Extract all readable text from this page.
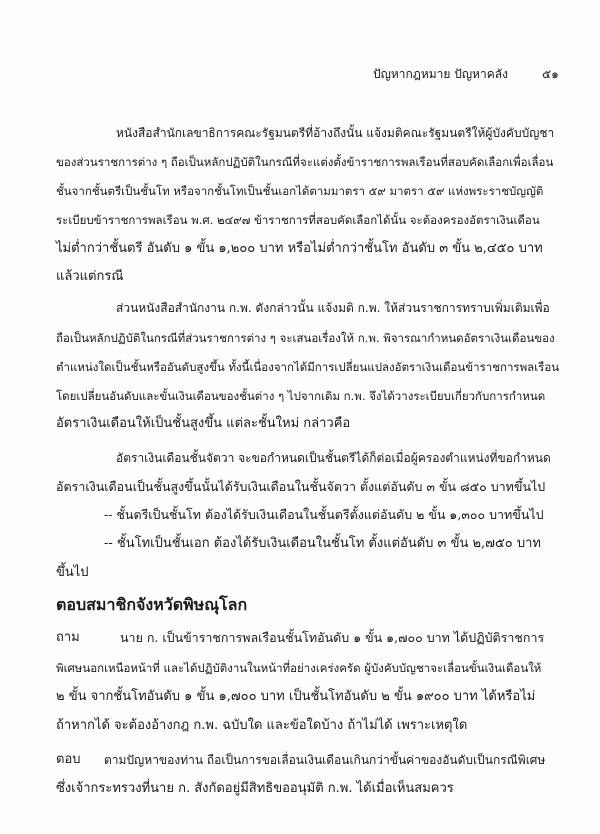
ปัญหากฎหมาย ปัญหาคลัง	๕๑
หนังสือสำนักเลขาธิการคณะรัฐมนตรีที่อ้างถึงนั้น แจ้งมติคณะรัฐมนตรีให้ผู้บังคับบัญชา
ของส่วนราชการต่าง ๆ ถือเป็นหลักปฏิบัติในกรณีที่จะแต่งตั้งข้าราชการพลเรือนที่สอบคัดเลือกเพื่อเลื่อน
ชั้นจากชั้นตรีเป็นชั้นโท หรือจากชั้นโทเป็นชั้นเอกได้ตามมาตรา ๕๙ มาตรา ๕๙ แห่งพระราชบัญญัติ
ระเบียบข้าราชการพลเรือน พ.ศ. ๒๔๙๗ ข้าราชการที่สอบคัดเลือกได้นั้น จะต้องครองอัตราเงินเดือน
ไม่ต่ำกว่าชั้นตรี อันดับ ๑ ขั้น ๑,๒๐๐ บาท หรือไม่ต่ำกว่าชั้นโท อันดับ ๓ ขั้น ๒,๔๕๐ บาท
แล้วแต่กรณี
ส่วนหนังสือสำนักงาน ก.พ. ดังกล่าวนั้น แจ้งมติ ก.พ. ให้ส่วนราชการทราบเพิ่มเติมเพื่อ
ถือเป็นหลักปฏิบัติในกรณีที่ส่วนราชการต่าง ๆ จะเสนอเรื่องให้ ก.พ. พิจารณากำหนดอัตราเงินเดือนของ
ตำแหน่งใดเป็นชั้นหรืออันดับสูงขึ้น ทั้งนี้เนื่องจากได้มีการเปลี่ยนแปลงอัตราเงินเดือนข้าราชการพลเรือน
โดยเปลี่ยนอันดับและขั้นเงินเดือนของชั้นต่าง ๆ ไปจากเดิม ก.พ. จึงได้วางระเบียบเกี่ยวกับการกำหนด
อัตราเงินเดือนให้เป็นชั้นสูงขึ้น แต่ละชั้นใหม่ กล่าวคือ
อัตราเงินเดือนชั้นจัตวา จะขอกำหนดเป็นชั้นตรีได้ก็ต่อเมื่อผู้ครองตำแหน่งที่ขอกำหนด
อัตราเงินเดือนเป็นชั้นสูงขึ้นนั้นได้รับเงินเดือนในชั้นจัตวา ตั้งแต่อันดับ ๓ ขั้น ๘๕๐ บาทขึ้นไป
-- ชั้นตรีเป็นชั้นโท ต้องได้รับเงินเดือนในชั้นตรีตั้งแต่อันดับ ๒ ขั้น ๑,๓๐๐ บาทขึ้นไป
-- ชั้นโทเป็นชั้นเอก ต้องได้รับเงินเดือนในชั้นโท ตั้งแต่อันดับ ๓ ขั้น ๒,๗๕๐ บาท
ขึ้นไป
ตอบสมาชิกจังหวัดพิษณุโลก
ถาม	นาย ก. เป็นข้าราชการพลเรือนชั้นโทอันดับ ๑ ขั้น ๑,๗๐๐ บาท ได้ปฏิบัติราชการ
พิเศษนอกเหนือหน้าที่ และได้ปฏิบัติงานในหน้าที่อย่างเคร่งครัด ผู้บังคับบัญชาจะเลื่อนขั้นเงินเดือนให้
๒ ขั้น จากชั้นโทอันดับ ๑ ขั้น ๑,๗๐๐ บาท เป็นชั้นโทอันดับ ๒ ขั้น ๑๙๐๐ บาท ได้หรือไม่
ถ้าหากได้ จะต้องอ้างกฎ ก.พ. ฉบับใด และข้อใดบ้าง ถ้าไม่ได้ เพราะเหตุใด
ตอบ ตามปัญหาของท่าน ถือเป็นการขอเลื่อนเงินเดือนเกินกว่าขั้นค่าของอันดับเป็นกรณีพิเศษ
ซึ่งเจ้ากระทรวงที่นาย ก. สังกัดอยู่มีสิทธิขออนุมัติ ก.พ. ได้เมื่อเห็นสมควร
